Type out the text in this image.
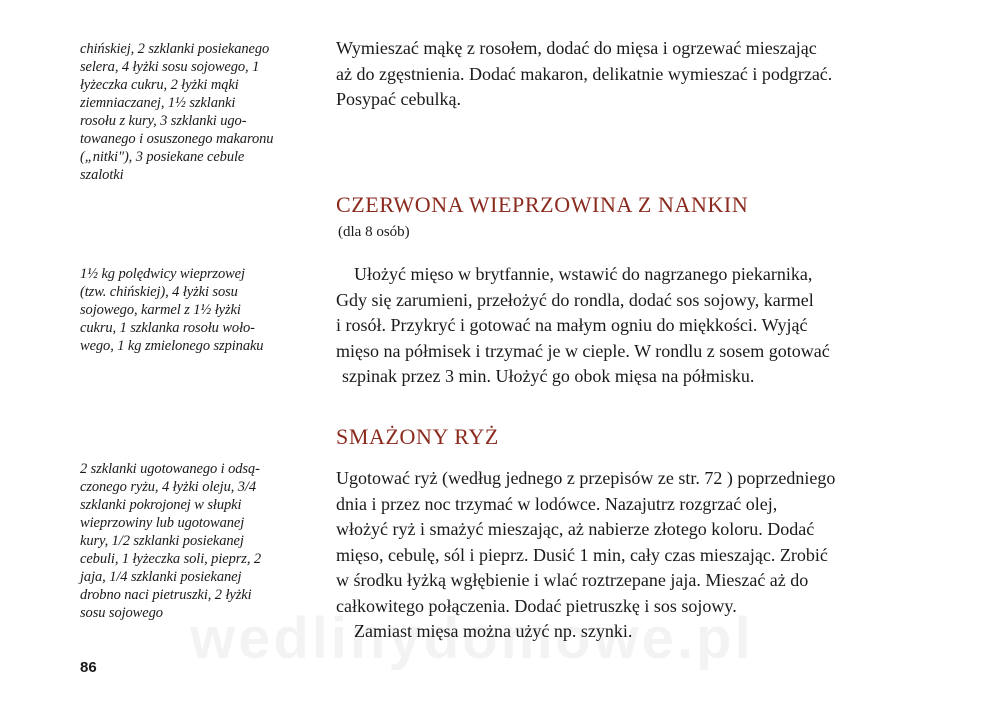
chińskiej, 2 szklanki posiekanego
selera, 4 łyżki sosu sojowego, 1
łyżeczka cukru, 2 łyżki mąki
ziemniaczanej, 1½ szklanki
rosołu z kury, 3 szklanki ugo-
towanego i osuszonego makaronu
(„nitki"), 3 posiekane cebule
szalotki
1½ kg polędwicy wieprzowej
(tzw. chińskiej), 4 łyżki sosu
sojowego, karmel z 1½ łyżki
cukru, 1 szklanka rosołu woło-
wego, 1 kg zmielonego szpinaku
2 szklanki ugotowanego i odsą-
czonego ryżu, 4 łyżki oleju, 3/4
szklanki pokrojonej w słupki
wieprzowiny lub ugotowanej
kury, 1/2 szklanki posiekanej
cebuli, 1 łyżeczka soli, pieprz, 2
jaja, 1/4 szklanki posiekanej
drobno naci pietruszki, 2 łyżki
sosu sojowego
Wymieszać mąkę z rosołem, dodać do mięsa i ogrzewać mieszając
aż do zgęstnienia. Dodać makaron, delikatnie wymieszać i podgrzać.
Posypać cebulką.
CZERWONA WIEPRZOWINA Z NANKIN
(dla 8 osób)
Ułożyć mięso w brytfannie, wstawić do nagrzanego piekarnika,
Gdy się zarumieni, przełożyć do rondla, dodać sos sojowy, karmel
i rosół. Przykryć i gotować na małym ogniu do miękkości. Wyjąć
mięso na półmisek i trzymać je w cieple. W rondlu z sosem gotować
szpinak przez 3 min. Ułożyć go obok mięsa na półmisku.
SMAŻONY RYŻ
Ugotować ryż (według jednego z przepisów ze str. 72 ) poprzedniego
dnia i przez noc trzymać w lodówce. Nazajutrz rozgrzać olej,
włożyć ryż i smażyć mieszając, aż nabierze złotego koloru. Dodać
mięso, cebulę, sól i pieprz. Dusić 1 min, cały czas mieszając. Zrobić
w środku łyżką wgłębienie i wlać roztrzepane jaja. Mieszać aż do
całkowitego połączenia. Dodać pietruszkę i sos sojowy.
Zamiast mięsa można użyć np. szynki.
86
